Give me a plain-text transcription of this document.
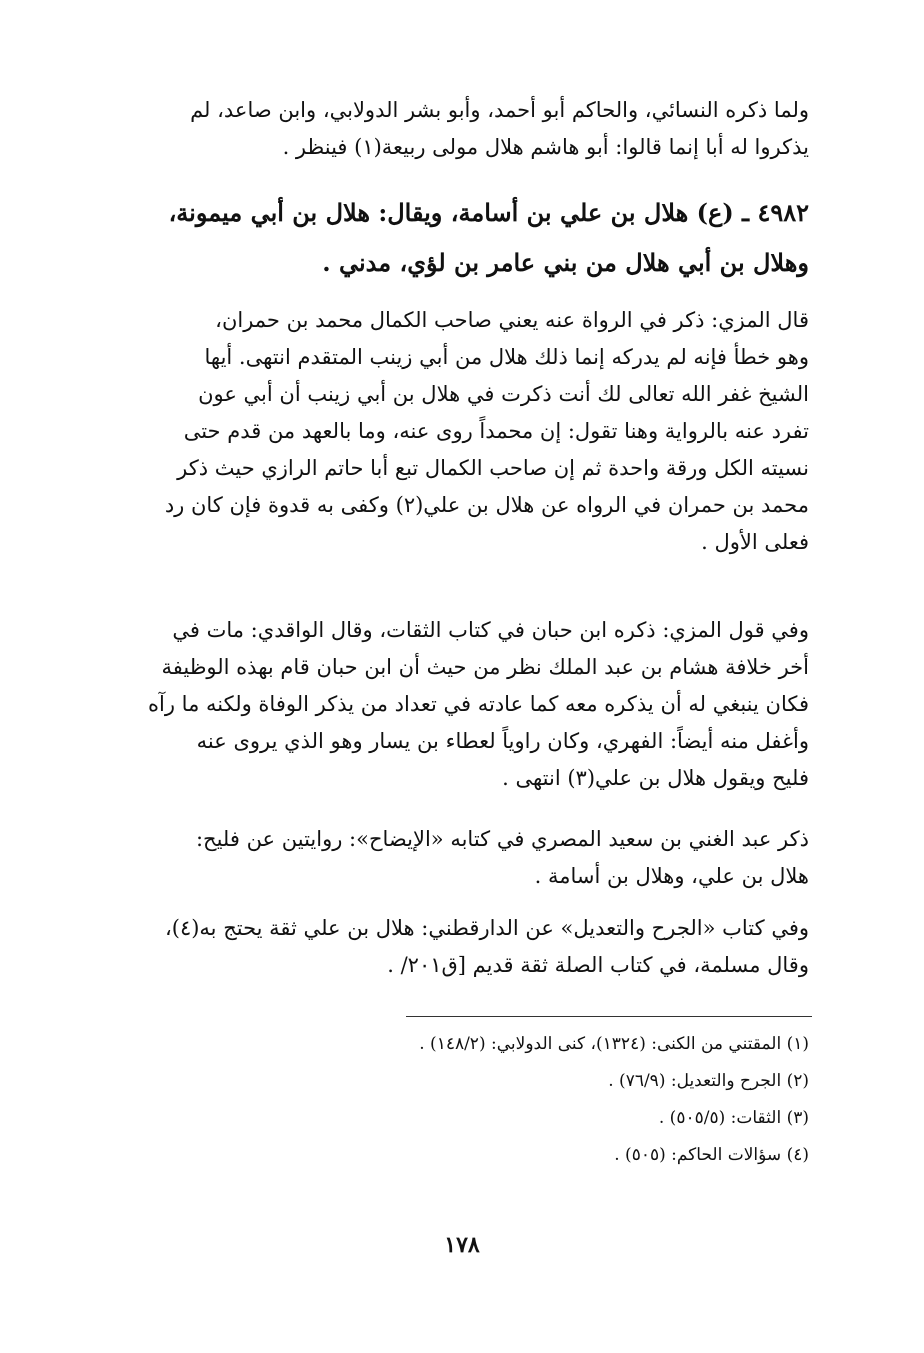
ولما ذكره النسائي، والحاكم أبو أحمد، وأبو بشر الدولابي، وابن صاعد، لم
يذكروا له أبا إنما قالوا: أبو هاشم هلال مولى ربيعة(١) فينظر .
٤٩٨٢ ـ (ع) هلال بن علي بن أسامة، ويقال: هلال بن أبي ميمونة،
وهلال بن أبي هلال من بني عامر بن لؤي، مدني .
قال المزي: ذكر في الرواة عنه يعني صاحب الكمال محمد بن حمران،
وهو خطأ فإنه لم يدركه إنما ذلك هلال من أبي زينب المتقدم انتهى. أيها
الشيخ غفر الله تعالى لك أنت ذكرت في هلال بن أبي زينب أن أبي عون
تفرد عنه بالرواية وهنا تقول: إن محمداً روى عنه، وما بالعهد من قدم حتى
نسيته الكل ورقة واحدة ثم إن صاحب الكمال تبع أبا حاتم الرازي حيث ذكر
محمد بن حمران في الرواه عن هلال بن علي(٢) وكفى به قدوة فإن كان رد
فعلى الأول .
وفي قول المزي: ذكره ابن حبان في كتاب الثقات، وقال الواقدي: مات في
أخر خلافة هشام بن عبد الملك نظر من حيث أن ابن حبان قام بهذه الوظيفة
فكان ينبغي له أن يذكره معه كما عادته في تعداد من يذكر الوفاة ولكنه ما رآه
وأغفل منه أيضاً: الفهري، وكان راوياً لعطاء بن يسار وهو الذي يروى عنه
فليح ويقول هلال بن علي(٣) انتهى .
ذكر عبد الغني بن سعيد المصري في كتابه «الإيضاح»: روايتين عن فليح:
هلال بن علي، وهلال بن أسامة .
وفي كتاب «الجرح والتعديل» عن الدارقطني: هلال بن علي ثقة يحتج به(٤)،
وقال مسلمة، في كتاب الصلة ثقة قديم [ق٢٠١/ .
(١) المقتني من الكنى: (١٣٢٤)، كنى الدولابي: (١٤٨/٢) .
(٢) الجرح والتعديل: (٧٦/٩) .
(٣) الثقات: (٥٠٥/٥) .
(٤) سؤالات الحاكم: (٥٠٥) .
١٧٨
